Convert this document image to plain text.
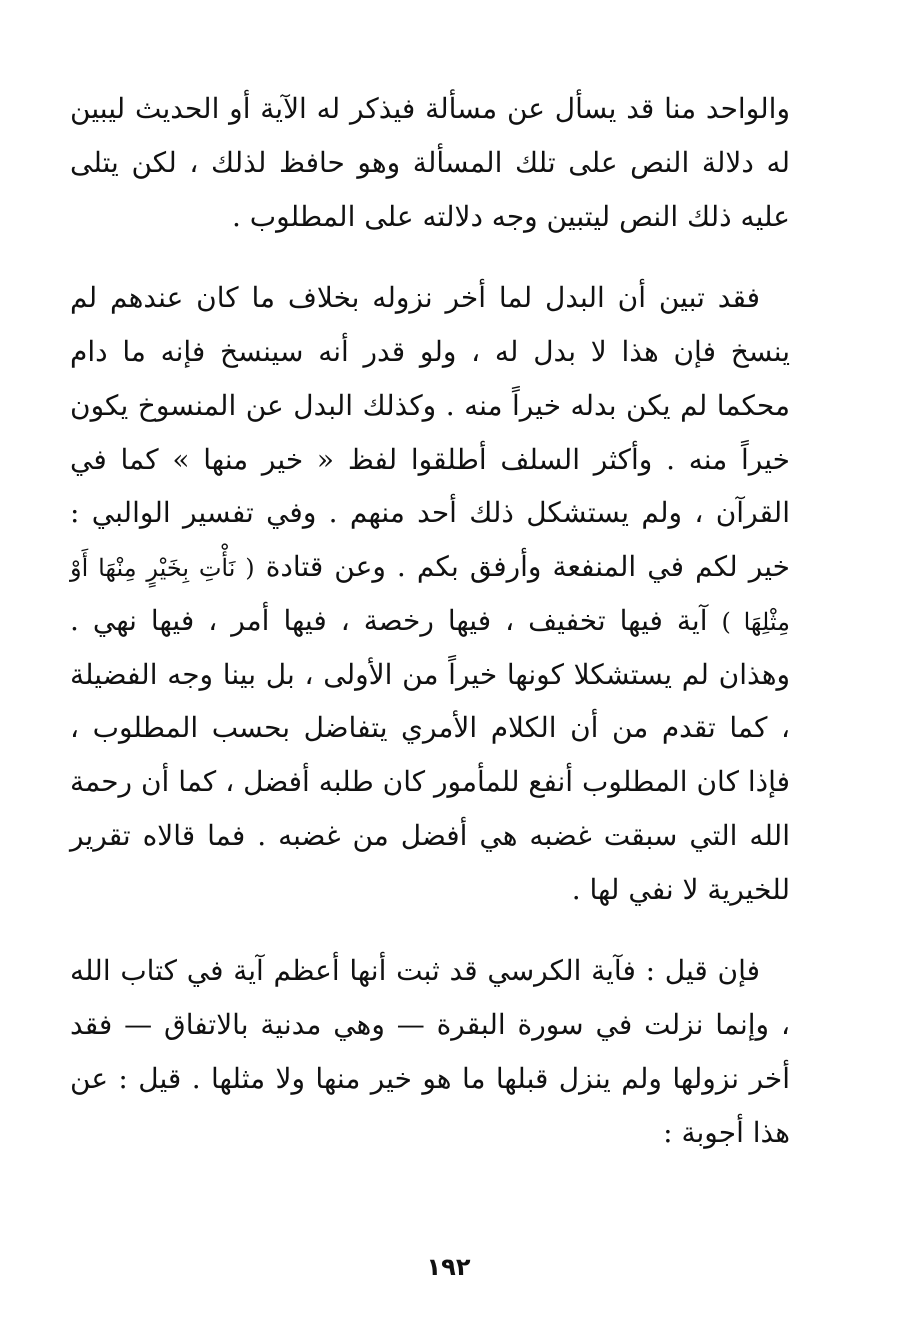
والواحد منا قد يسأل عن مسألة فيذكر له الآية أو الحديث ليبين له دلالة النص على تلك المسألة وهو حافظ لذلك ، لكن يتلى عليه ذلك النص ليتبين وجه دلالته على المطلوب .

فقد تبين أن البدل لما أخر نزوله بخلاف ما كان عندهم لم ينسخ فإن هذا لا بدل له ، ولو قدر أنه سينسخ فإنه ما دام محكما لم يكن بدله خيراً منه . وكذلك البدل عن المنسوخ يكون خيراً منه . وأكثر السلف أطلقوا لفظ « خير منها » كما في القرآن ، ولم يستشكل ذلك أحد منهم . وفي تفسير الوالبي : خير لكم في المنفعة وأرفق بكم . وعن قتادة ( نَأْتِ بِخَيْرٍ مِنْهَا أَوْ مِثْلِهَا ) آية فيها تخفيف ، فيها رخصة ، فيها أمر ، فيها نهي . وهذان لم يستشكلا كونها خيراً من الأولى ، بل بينا وجه الفضيلة ، كما تقدم من أن الكلام الأمري يتفاضل بحسب المطلوب ، فإذا كان المطلوب أنفع للمأمور كان طلبه أفضل ، كما أن رحمة الله التي سبقت غضبه هي أفضل من غضبه . فما قالاه تقرير للخيرية لا نفي لها .

فإن قيل : فآية الكرسي قد ثبت أنها أعظم آية في كتاب الله ، وإنما نزلت في سورة البقرة — وهي مدنية بالاتفاق — فقد أخر نزولها ولم ينزل قبلها ما هو خير منها ولا مثلها . قيل : عن هذا أجوبة :

١٩٢
